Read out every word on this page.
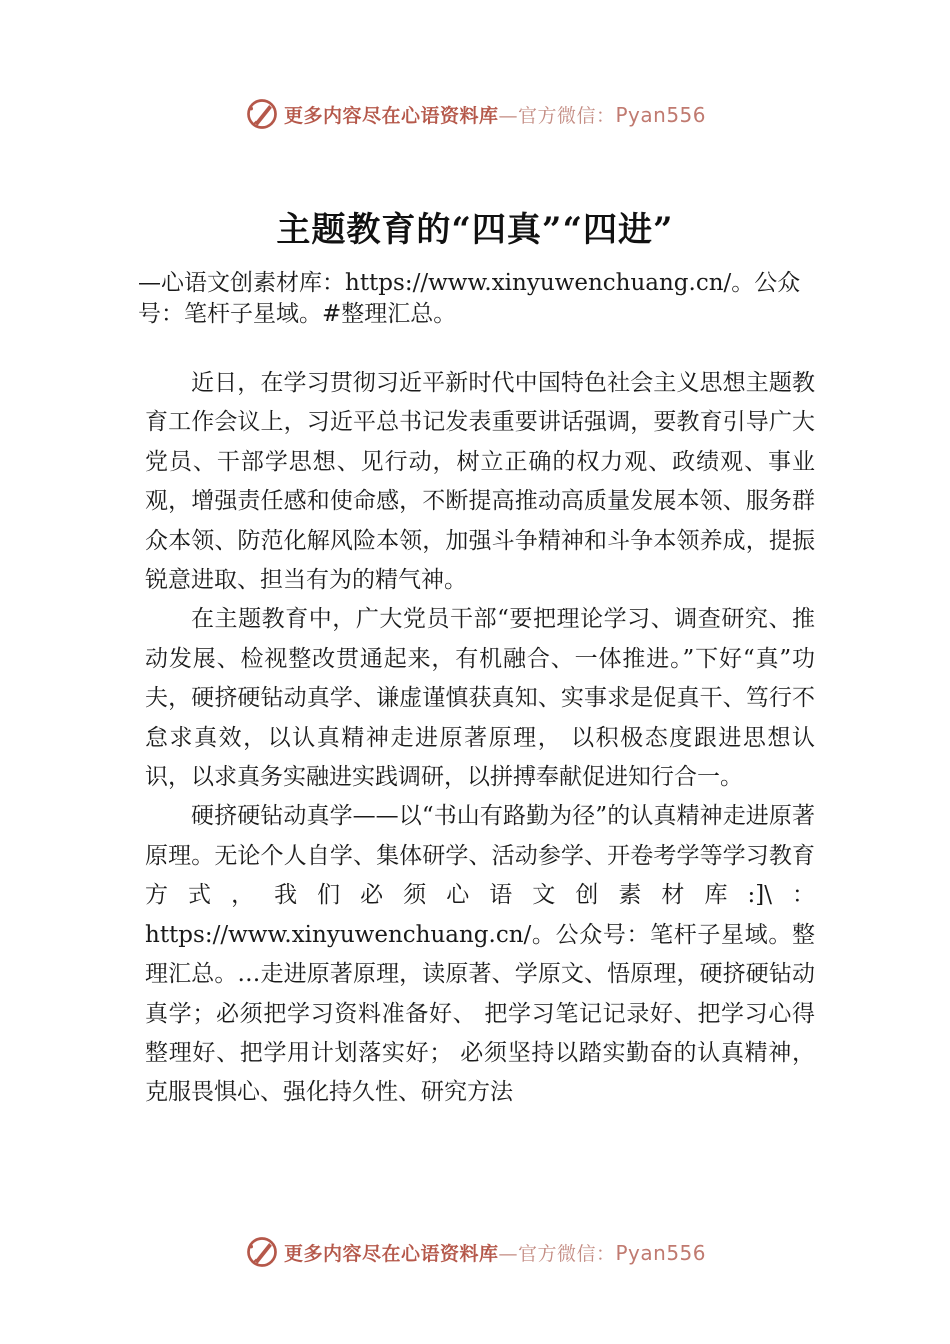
更多内容尽在心语资料库—官方微信：Pyan556
主题教育的“四真”“四进”
—心语文创素材库：https://www.xinyuwenchuang.cn/。公众号：笔杆子星域。#整理汇总。

近日，在学习贯彻习近平新时代中国特色社会主义思想主题教育工作会议上，习近平总书记发表重要讲话强调，要教育引导广大党员、干部学思想、见行动，树立正确的权力观、政绩观、事业观，增强责任感和使命感，不断提高推动高质量发展本领、服务群众本领、防范化解风险本领，加强斗争精神和斗争本领养成，提振锐意进取、担当有为的精气神。

在主题教育中，广大党员干部“要把理论学习、调查研究、推动发展、检视整改贯通起来，有机融合、一体推进。”下好“真”功夫，硬挤硬钻动真学、谦虚谨慎获真知、实事求是促真干、笃行不怠求真效，以认真精神走进原著原理， 以积极态度跟进思想认识，以求真务实融进实践调研，以拼搏奉献促进知行合一。

硬挤硬钻动真学——以“书山有路勤为径”的认真精神走进原著原理。无论个人自学、集体研学、活动参学、开卷考学等学习教育方式，我们必须心语文创素材库:]\：https://www.xinyuwenchuang.cn/。公众号：笔杆子星域。整理汇总。…走进原著原理，读原著、学原文、悟原理，硬挤硬钻动真学；必须把学习资料准备好、 把学习笔记记录好、把学习心得整理好、把学用计划落实好； 必须坚持以踏实勤奋的认真精神，克服畏惧心、强化持久性、研究方法

更多内容尽在心语资料库—官方微信：Pyan556
